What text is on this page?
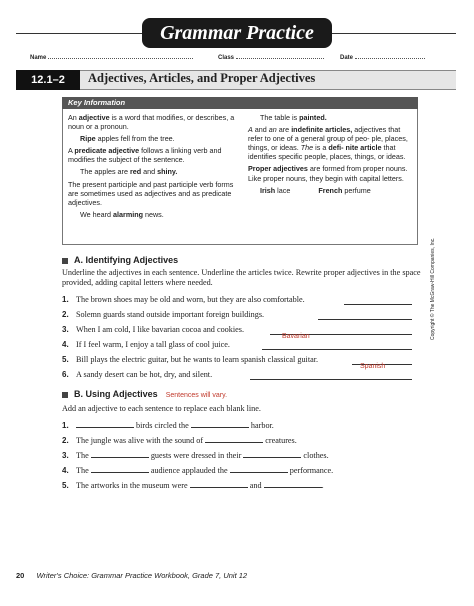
Grammar Practice
Name	Class	Date
12.1–2	Adjectives, Articles, and Proper Adjectives
Key Information

An adjective is a word that modifies, or describes, a noun or a pronoun.

Ripe apples fell from the tree.

A predicate adjective follows a linking verb and modifies the subject of the sentence.

The apples are red and shiny.

The present participle and past participle verb forms are sometimes used as adjectives and as predicate adjectives.

We heard alarming news.

The table is painted.

A and an are indefinite articles, adjectives that refer to one of a general group of peo- ple, places, things, or ideas. The is a defi- nite article that identifies specific people, places, things, or ideas.

Proper adjectives are formed from proper nouns. Like proper nouns, they begin with capital letters.

Irish lace	French perfume

A. Identifying Adjectives
Underline the adjectives in each sentence. Underline the articles twice. Rewrite proper adjectives in the space provided, adding capital letters where needed.
1. The brown shoes may be old and worn, but they are also comfortable.
2. Solemn guards stand outside important foreign buildings.
3. When I am cold, I like bavarian cocoa and cookies.
Bavarian
4. If I feel warm, I enjoy a tall glass of cool juice.
5. Bill plays the electric guitar, but he wants to learn spanish classical guitar.
Spanish
6. A sandy desert can be hot, dry, and silent.
B. Using Adjectives Sentences will vary.
Add an adjective to each sentence to replace each blank line.
1.	birds circled the	harbor.
2. The jungle was alive with the sound of	creatures.
3. The	guests were dressed in their	clothes.
4. The	audience applauded the	performance.
5. The artworks in the museum were	and	.
Copyright © The McGraw-Hill Companies, Inc.
20 Writer's Choice: Grammar Practice Workbook, Grade 7, Unit 12
